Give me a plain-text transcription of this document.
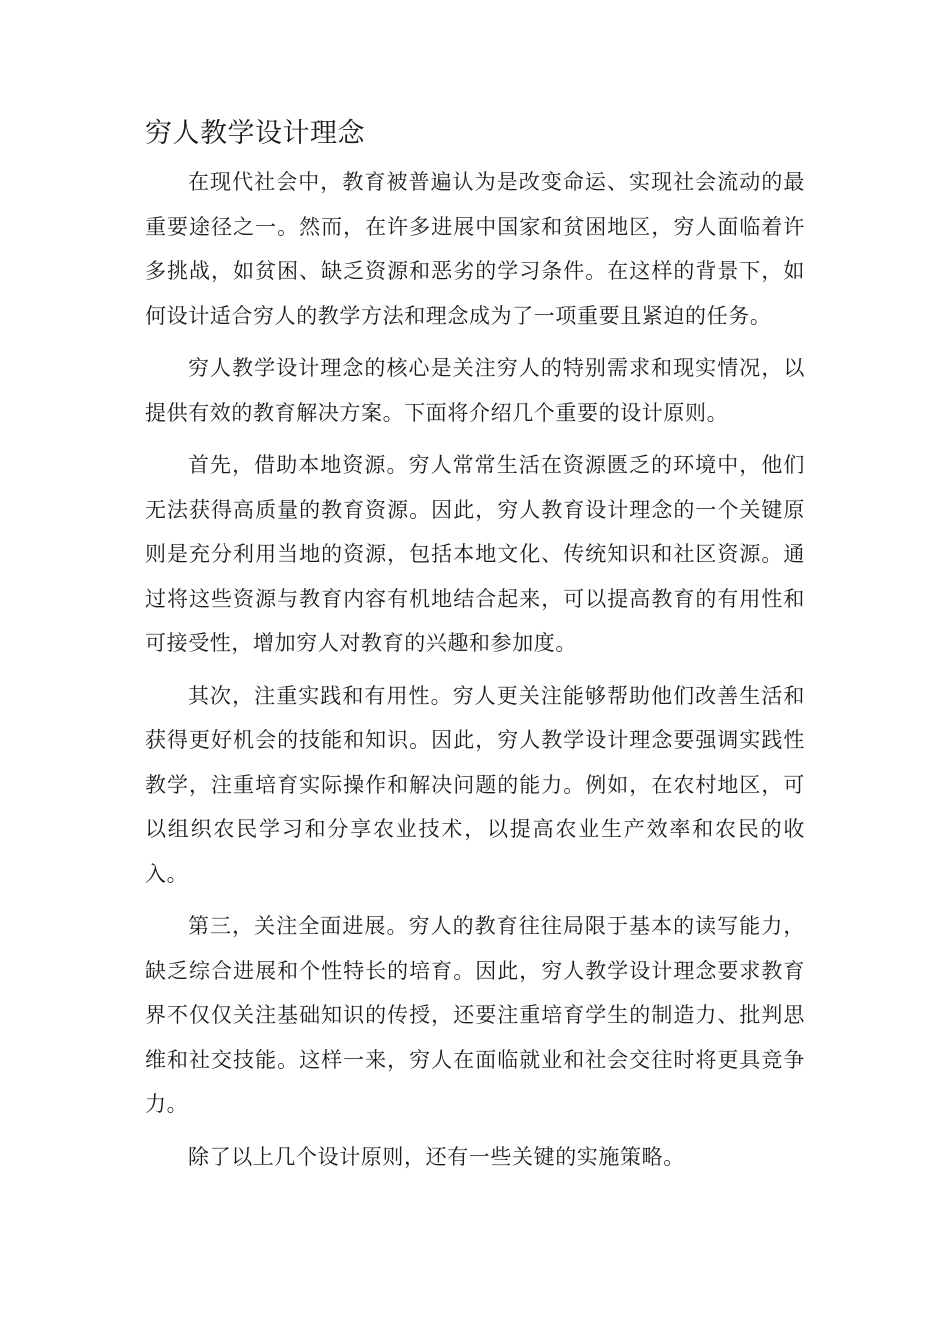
穷人教学设计理念

在现代社会中，教育被普遍认为是改变命运、实现社会流动的最重要途径之一。然而，在许多进展中国家和贫困地区，穷人面临着许多挑战，如贫困、缺乏资源和恶劣的学习条件。在这样的背景下，如何设计适合穷人的教学方法和理念成为了一项重要且紧迫的任务。

穷人教学设计理念的核心是关注穷人的特别需求和现实情况，以提供有效的教育解决方案。下面将介绍几个重要的设计原则。

首先，借助本地资源。穷人常常生活在资源匮乏的环境中，他们无法获得高质量的教育资源。因此，穷人教育设计理念的一个关键原则是充分利用当地的资源，包括本地文化、传统知识和社区资源。通过将这些资源与教育内容有机地结合起来，可以提高教育的有用性和可接受性，增加穷人对教育的兴趣和参加度。

其次，注重实践和有用性。穷人更关注能够帮助他们改善生活和获得更好机会的技能和知识。因此，穷人教学设计理念要强调实践性教学，注重培育实际操作和解决问题的能力。例如，在农村地区，可以组织农民学习和分享农业技术，以提高农业生产效率和农民的收入。

第三，关注全面进展。穷人的教育往往局限于基本的读写能力，缺乏综合进展和个性特长的培育。因此，穷人教学设计理念要求教育界不仅仅关注基础知识的传授，还要注重培育学生的制造力、批判思维和社交技能。这样一来，穷人在面临就业和社会交往时将更具竞争力。

除了以上几个设计原则，还有一些关键的实施策略。
